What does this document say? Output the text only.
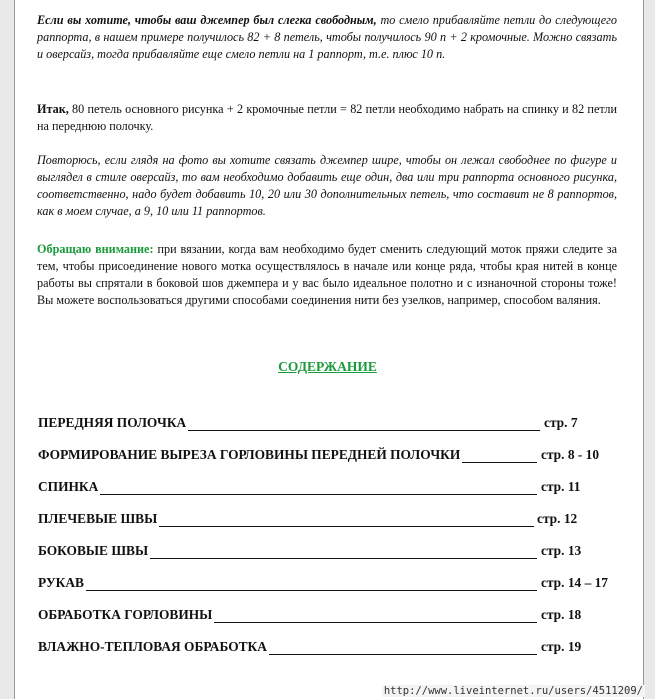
Если вы хотите, чтобы ваш джемпер был слегка свободным, то смело прибавляйте петли до следующего раппорта, в нашем примере получилось 82 + 8 петель, чтобы получилось 90 п + 2 кромочные. Можно связать и оверсайз, тогда прибавляйте еще смело петли на 1 раппорт, т.е. плюс 10 п.

Итак, 80 петель основного рисунка + 2 кромочные петли = 82 петли необходимо набрать на спинку и 82 петли на переднюю полочку.

Повторюсь, если глядя на фото вы хотите связать джемпер шире, чтобы он лежал свободнее по фигуре и выглядел в стиле оверсайз, то вам необходимо добавить еще один, два или три раппорта основного рисунка, соответственно, надо будет добавить 10, 20 или 30 дополнительных петель, что составит не 8 раппортов, как в моем случае, а 9, 10 или 11 раппортов.

Обращаю внимание: при вязании, когда вам необходимо будет сменить следующий моток пряжи следите за тем, чтобы присоединение нового мотка осуществлялось в начале или конце ряда, чтобы края нитей в конце работы вы спрятали в боковой шов джемпера и у вас было идеальное полотно и с изнаночной стороны тоже! Вы можете воспользоваться другими способами соединения нити без узелков, например, способом валяния.

СОДЕРЖАНИЕ
ПЕРЕДНЯЯ ПОЛОЧКА	стр. 7
ФОРМИРОВАНИЕ ВЫРЕЗА ГОРЛОВИНЫ ПЕРЕДНЕЙ ПОЛОЧКИ	стр. 8 - 10
СПИНКА	стр. 11
ПЛЕЧЕВЫЕ ШВЫ	стр. 12
БОКОВЫЕ ШВЫ	стр. 13
РУКАВ	стр. 14 – 17
ОБРАБОТКА ГОРЛОВИНЫ	стр. 18
ВЛАЖНО-ТЕПЛОВАЯ ОБРАБОТКА	стр. 19
http://www.liveinternet.ru/users/4511209/
